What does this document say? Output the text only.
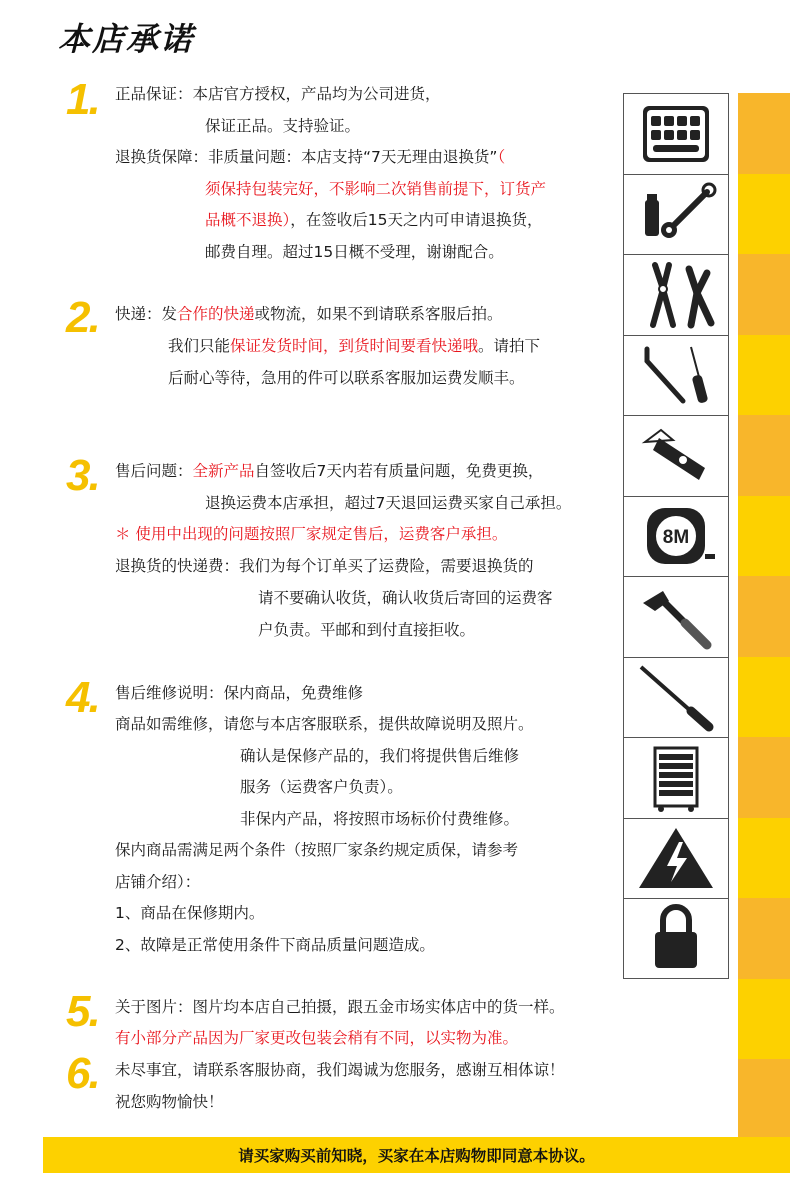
本店承诺
8M
1. 正品保证：本店官方授权，产品均为公司进货，
保证正品。支持验证。
退换货保障：非质量问题：本店支持“7天无理由退换货”（
须保持包装完好，不影响二次销售前提下，订货产
品概不退换），在签收后15天之内可申请退换货，
邮费自理。超过15日概不受理，谢谢配合。
2. 快递：发合作的快递或物流，如果不到请联系客服后拍。
我们只能保证发货时间，到货时间要看快递哦。请拍下
后耐心等待，急用的件可以联系客服加运费发顺丰。
3. 售后问题：全新产品自签收后7天内若有质量问题，免费更换，
退换运费本店承担，超过7天退回运费买家自己承担。
＊ 使用中出现的问题按照厂家规定售后，运费客户承担。
退换货的快递费：我们为每个订单买了运费险，需要退换货的
请不要确认收货，确认收货后寄回的运费客
户负责。平邮和到付直接拒收。
4. 售后维修说明：保内商品，免费维修
商品如需维修，请您与本店客服联系，提供故障说明及照片。
确认是保修产品的，我们将提供售后维修
服务（运费客户负责）。
非保内产品，将按照市场标价付费维修。
保内商品需满足两个条件（按照厂家条约规定质保，请参考
店铺介绍）：
1、商品在保修期内。
2、故障是正常使用条件下商品质量问题造成。
5. 关于图片：图片均本店自己拍摄，跟五金市场实体店中的货一样。
有小部分产品因为厂家更改包装会稍有不同，以实物为准。
6. 未尽事宜，请联系客服协商，我们竭诚为您服务，感谢互相体谅！
祝您购物愉快！
请买家购买前知晓，买家在本店购物即同意本协议。
